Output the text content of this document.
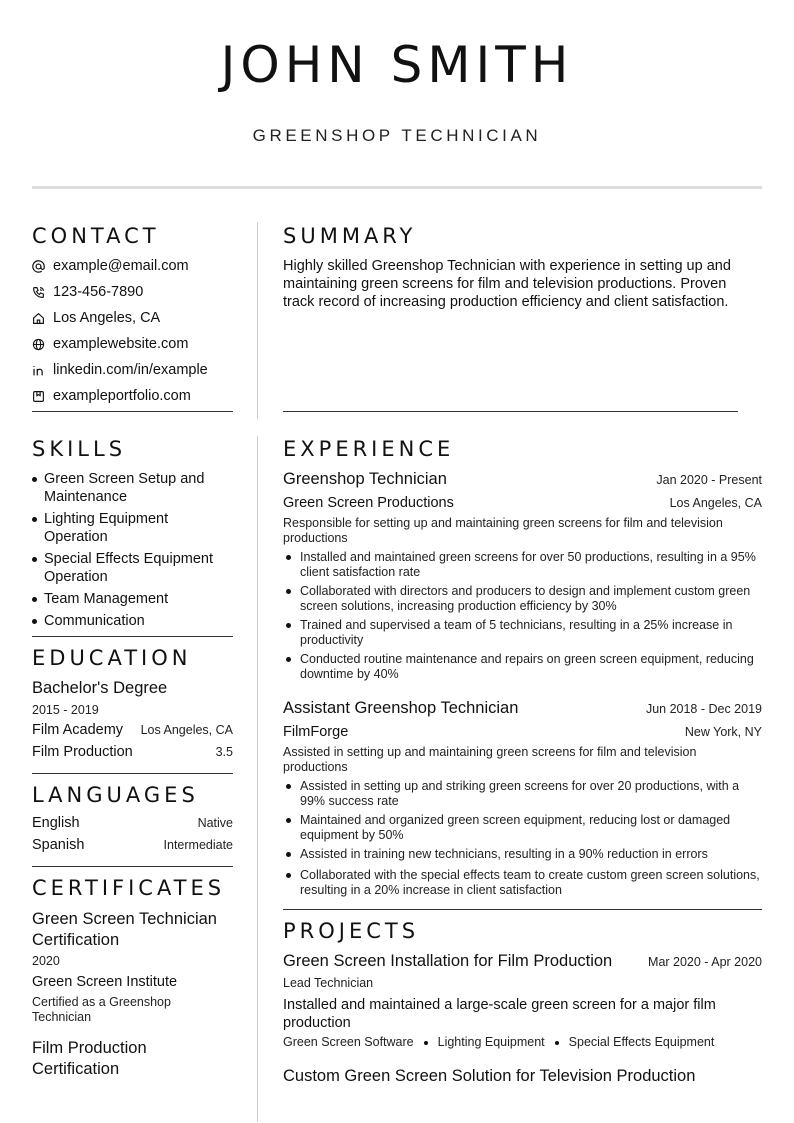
JOHN SMITH
GREENSHOP TECHNICIAN
CONTACT
example@email.com
123-456-7890
Los Angeles, CA
examplewebsite.com
linkedin.com/in/example
exampleportfolio.com
SKILLS
Green Screen Setup and Maintenance
Lighting Equipment Operation
Special Effects Equipment Operation
Team Management
Communication
EDUCATION
Bachelor's Degree
2015 - 2019
Film Academy Los Angeles, CA
Film Production	3.5
LANGUAGES
English	Native
Spanish	Intermediate
CERTIFICATES
Green Screen Technician Certification
2020
Green Screen Institute
Certified as a Greenshop Technician
Film Production Certification
SUMMARY
Highly skilled Greenshop Technician with experience in setting up and maintaining green screens for film and television productions. Proven track record of increasing production efficiency and client satisfaction.
EXPERIENCE
Greenshop Technician	Jan 2020 - Present
Green Screen Productions	Los Angeles, CA
Responsible for setting up and maintaining green screens for film and television productions
Installed and maintained green screens for over 50 productions, resulting in a 95% client satisfaction rate
Collaborated with directors and producers to design and implement custom green screen solutions, increasing production efficiency by 30%
Trained and supervised a team of 5 technicians, resulting in a 25% increase in productivity
Conducted routine maintenance and repairs on green screen equipment, reducing downtime by 40%
Assistant Greenshop Technician	Jun 2018 - Dec 2019
FilmForge	New York, NY
Assisted in setting up and maintaining green screens for film and television productions
Assisted in setting up and striking green screens for over 20 productions, with a 99% success rate
Maintained and organized green screen equipment, reducing lost or damaged equipment by 50%
Assisted in training new technicians, resulting in a 90% reduction in errors
Collaborated with the special effects team to create custom green screen solutions, resulting in a 20% increase in client satisfaction
PROJECTS
Green Screen Installation for Film Production	Mar 2020 - Apr 2020
Lead Technician
Installed and maintained a large-scale green screen for a major film production
Green Screen Software Lighting Equipment Special Effects Equipment
Custom Green Screen Solution for Television Production
